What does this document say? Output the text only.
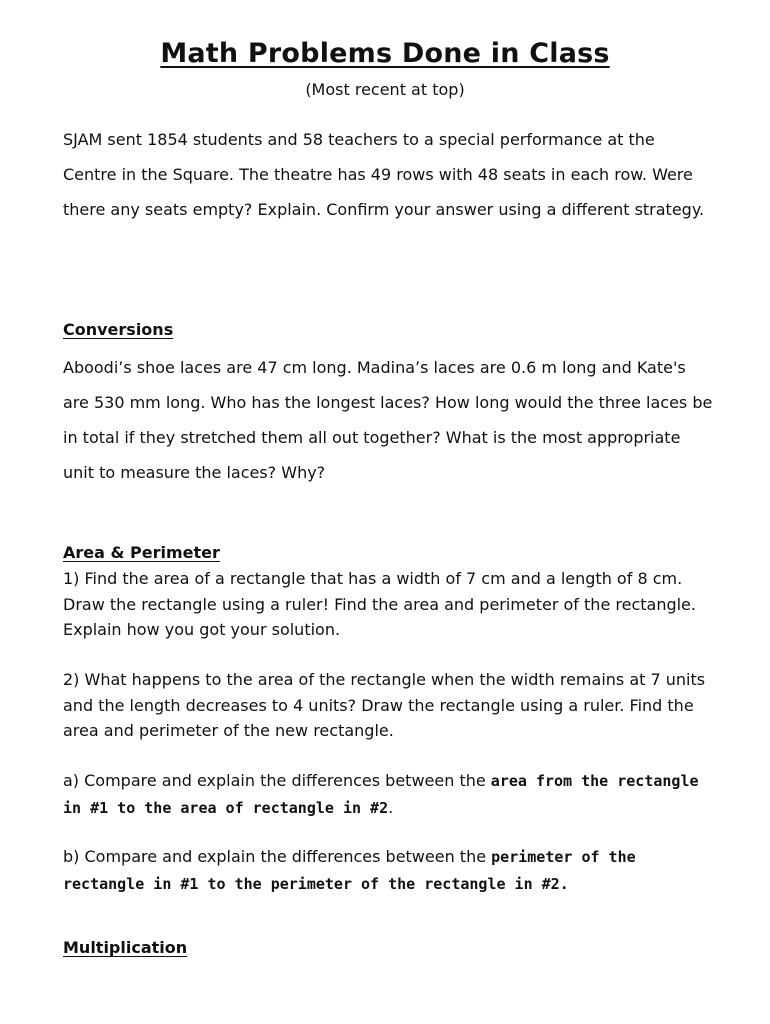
Math Problems Done in Class
(Most recent at top)
SJAM sent 1854 students and 58 teachers to a special performance at the Centre in the Square. The theatre has 49 rows with 48 seats in each row. Were there any seats empty? Explain. Confirm your answer using a different strategy.
Conversions
Aboodi’s shoe laces are 47 cm long. Madina’s laces are 0.6 m long and Kate's are 530 mm long. Who has the longest laces? How long would the three laces be in total if they stretched them all out together? What is the most appropriate unit to measure the laces? Why?
Area & Perimeter
1) Find the area of a rectangle that has a width of 7 cm and a length of 8 cm. Draw the rectangle using a ruler! Find the area and perimeter of the rectangle. Explain how you got your solution.
2) What happens to the area of the rectangle when the width remains at 7 units and the length decreases to 4 units? Draw the rectangle using a ruler. Find the area and perimeter of the new rectangle.
a) Compare and explain the differences between the area from the rectangle in #1 to the area of rectangle in #2.
b) Compare and explain the differences between the perimeter of the rectangle in #1 to the perimeter of the rectangle in #2.
Multiplication
